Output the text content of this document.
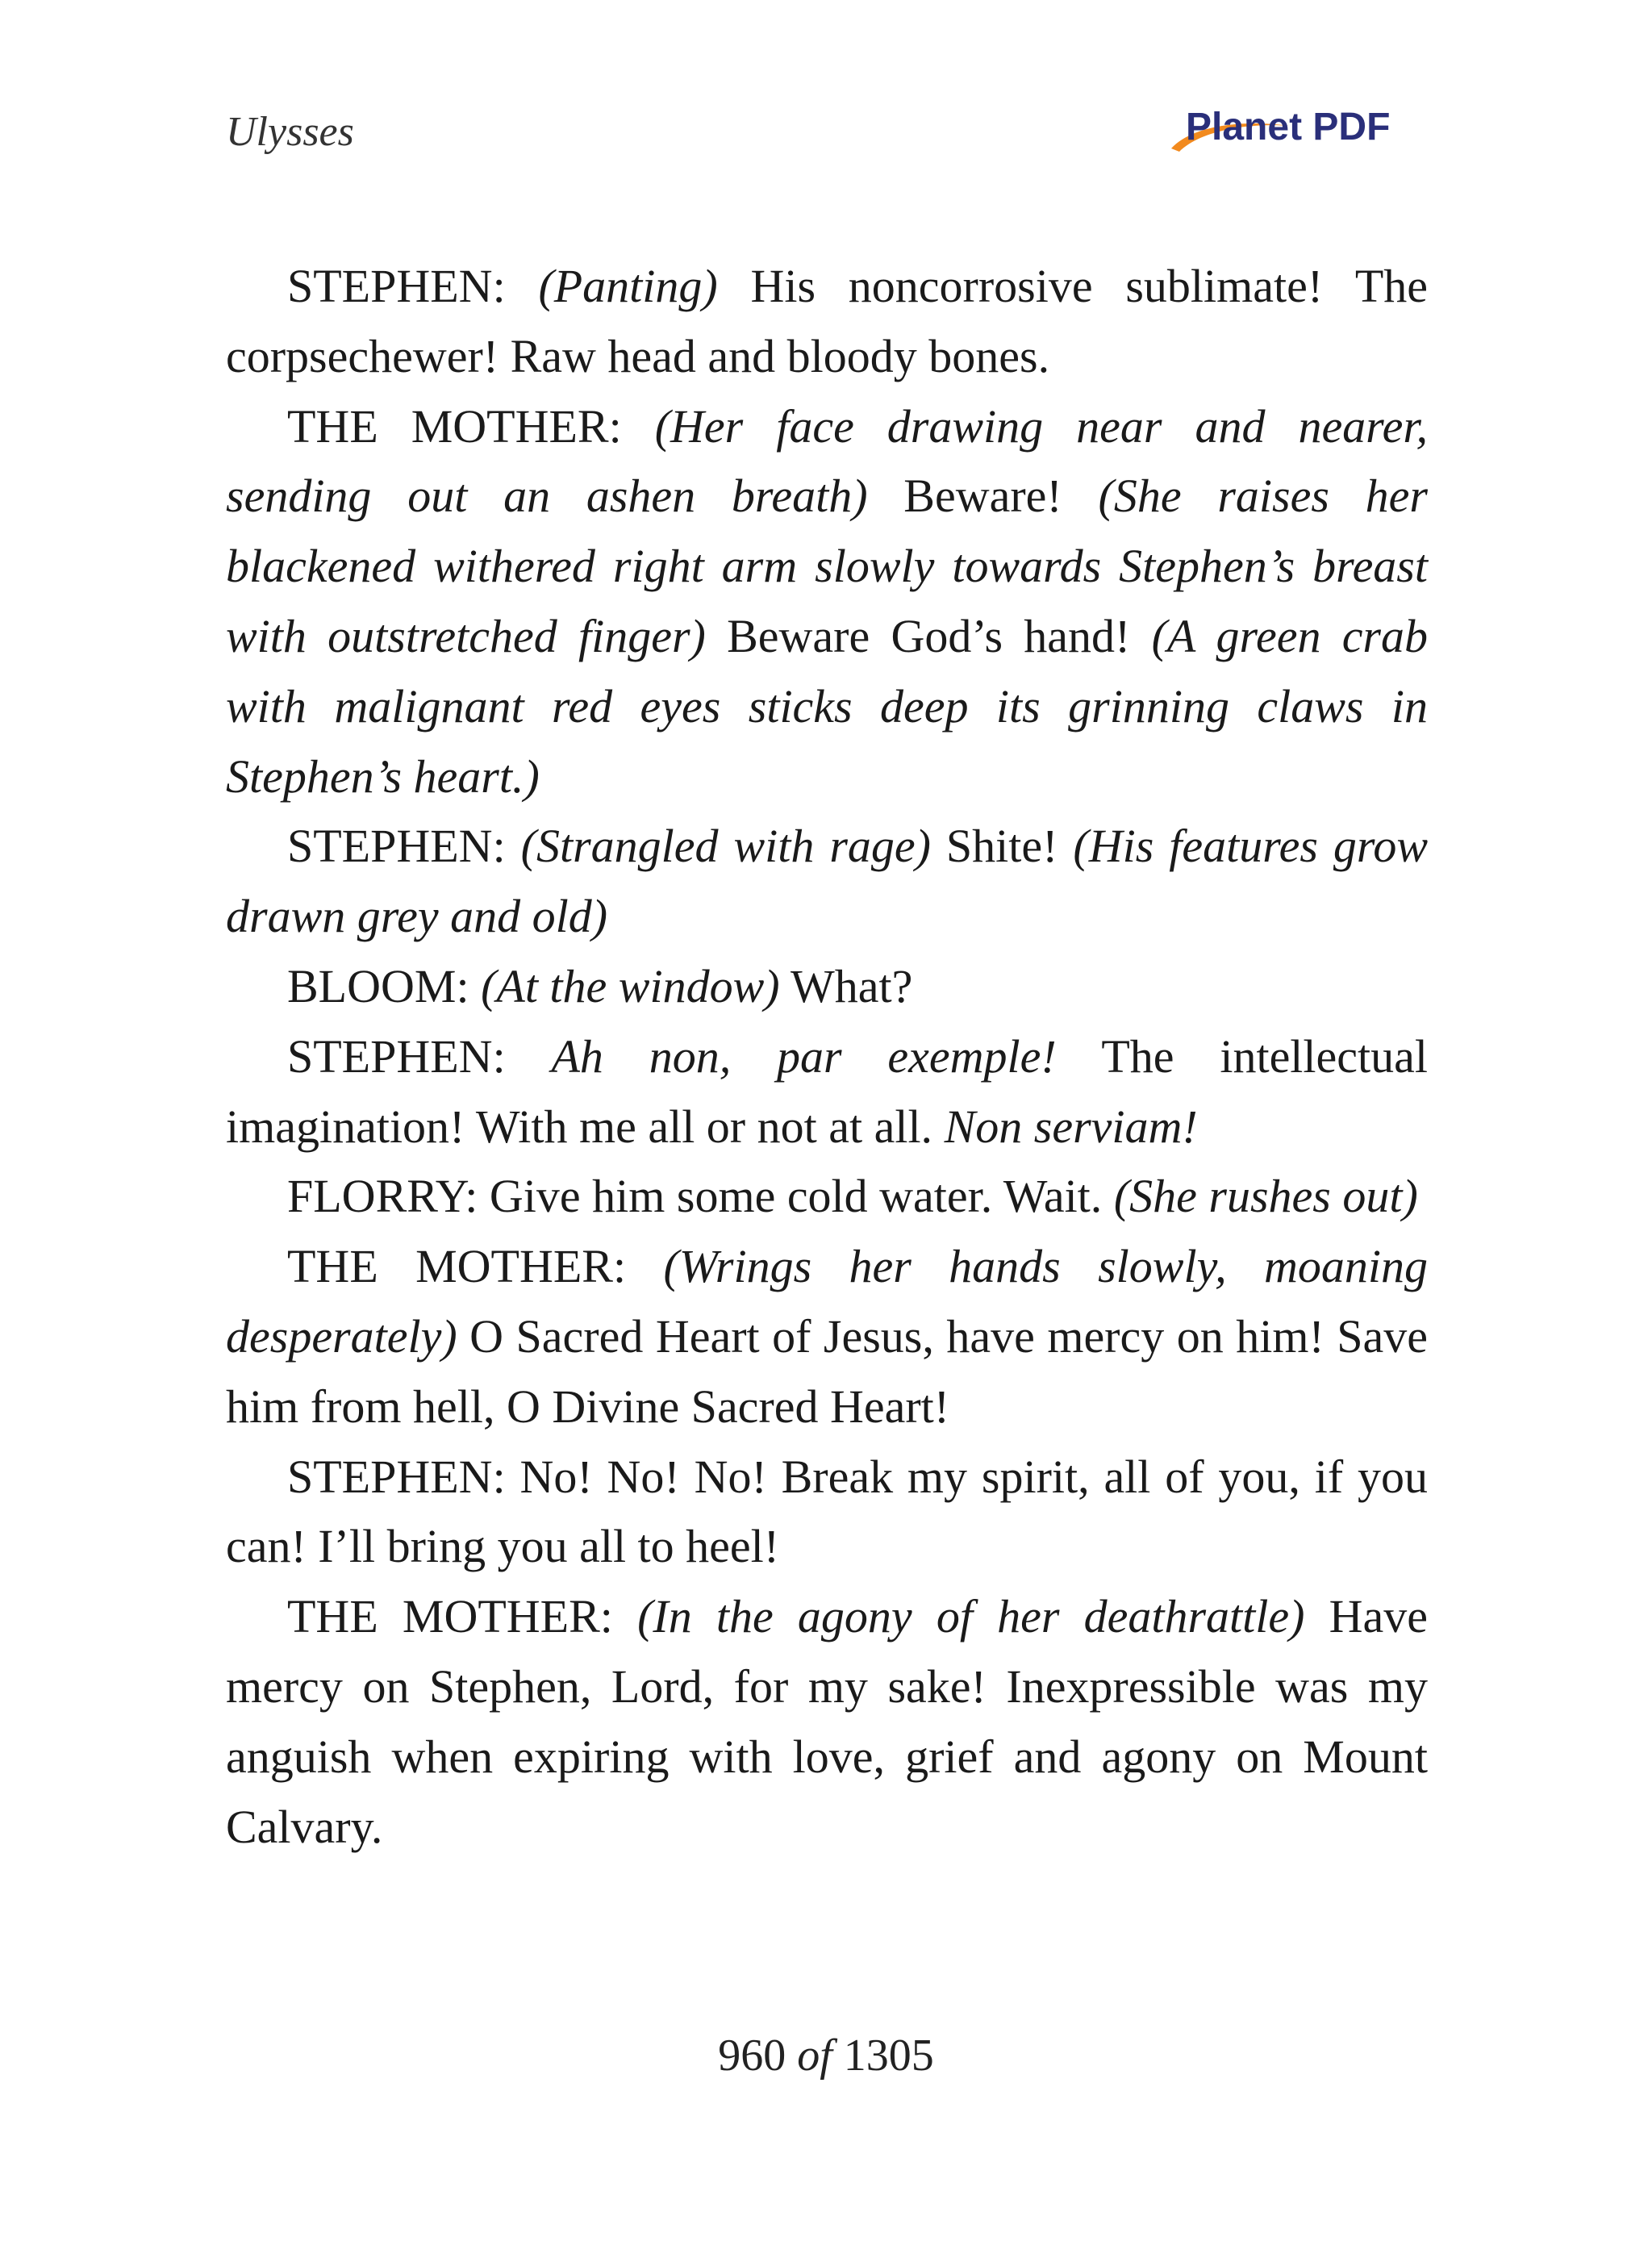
Ulysses	Planet PDF

STEPHEN: (Panting) His noncorrosive sublimate! The corpsechewer! Raw head and bloody bones.

THE MOTHER: (Her face drawing near and nearer, sending out an ashen breath) Beware! (She raises her blackened withered right arm slowly towards Stephen’s breast with outstretched finger) Beware God’s hand! (A green crab with malignant red eyes sticks deep its grinning claws in Stephen’s heart.)

STEPHEN: (Strangled with rage) Shite! (His features grow drawn grey and old)

BLOOM: (At the window) What?

STEPHEN: Ah non, par exemple! The intellectual imagination! With me all or not at all. Non serviam!

FLORRY: Give him some cold water. Wait. (She rushes out)

THE MOTHER: (Wrings her hands slowly, moaning desperately) O Sacred Heart of Jesus, have mercy on him! Save him from hell, O Divine Sacred Heart!

STEPHEN: No! No! No! Break my spirit, all of you, if you can! I’ll bring you all to heel!

THE MOTHER: (In the agony of her deathrattle) Have mercy on Stephen, Lord, for my sake! Inexpressible was my anguish when expiring with love, grief and agony on Mount Calvary.

960 of 1305
